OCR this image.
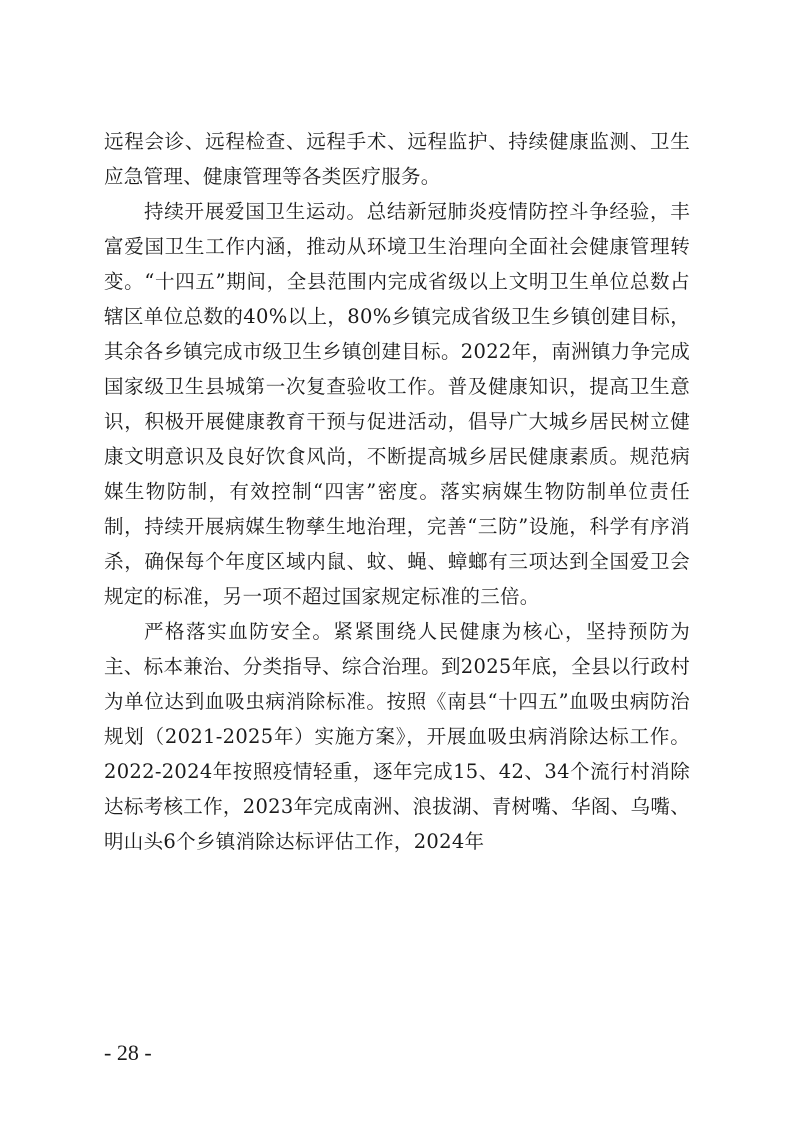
远程会诊、远程检查、远程手术、远程监护、持续健康监测、卫生应急管理、健康管理等各类医疗服务。

持续开展爱国卫生运动。总结新冠肺炎疫情防控斗争经验，丰富爱国卫生工作内涵，推动从环境卫生治理向全面社会健康管理转变。“十四五”期间，全县范围内完成省级以上文明卫生单位总数占辖区单位总数的40%以上，80%乡镇完成省级卫生乡镇创建目标，其余各乡镇完成市级卫生乡镇创建目标。2022年，南洲镇力争完成国家级卫生县城第一次复查验收工作。普及健康知识，提高卫生意识，积极开展健康教育干预与促进活动，倡导广大城乡居民树立健康文明意识及良好饮食风尚，不断提高城乡居民健康素质。规范病媒生物防制，有效控制“四害”密度。落实病媒生物防制单位责任制，持续开展病媒生物孳生地治理，完善“三防”设施，科学有序消杀，确保每个年度区域内鼠、蚊、蝇、蟑螂有三项达到全国爱卫会规定的标准，另一项不超过国家规定标准的三倍。

严格落实血防安全。紧紧围绕人民健康为核心，坚持预防为主、标本兼治、分类指导、综合治理。到2025年底，全县以行政村为单位达到血吸虫病消除标准。按照《南县“十四五”血吸虫病防治规划（2021-2025年）实施方案》，开展血吸虫病消除达标工作。2022-2024年按照疫情轻重，逐年完成15、42、34个流行村消除达标考核工作，2023年完成南洲、浪拔湖、青树嘴、华阁、乌嘴、明山头6个乡镇消除达标评估工作，2024年

- 28 -
